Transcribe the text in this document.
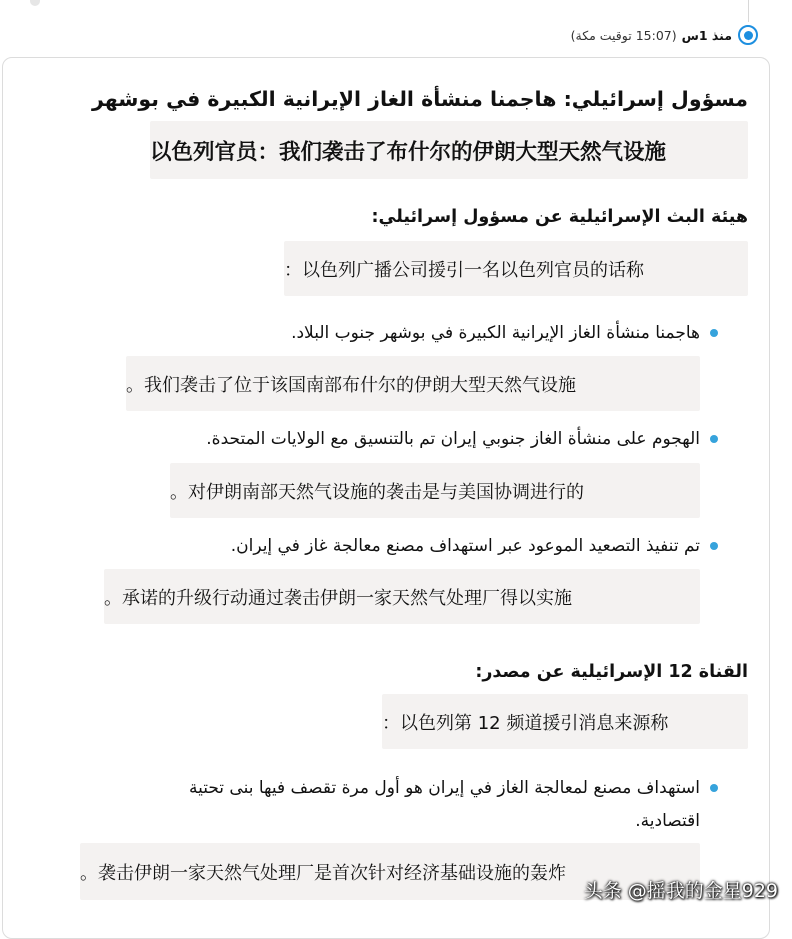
منذ 1س
(15:07 توقيت مكة)
مسؤول إسرائيلي: هاجمنا منشأة الغاز الإيرانية الكبيرة في بوشهر
以色列官员：我们袭击了布什尔的伊朗大型天然气设施
هيئة البث الإسرائيلية عن مسؤول إسرائيلي:
以色列广播公司援引一名以色列官员的话称：
هاجمنا منشأة الغاز الإيرانية الكبيرة في بوشهر جنوب البلاد.
我们袭击了位于该国南部布什尔的伊朗大型天然气设施。
الهجوم على منشأة الغاز جنوبي إيران تم بالتنسيق مع الولايات المتحدة.
对伊朗南部天然气设施的袭击是与美国协调进行的。
تم تنفيذ التصعيد الموعود عبر استهداف مصنع معالجة غاز في إيران.
承诺的升级行动通过袭击伊朗一家天然气处理厂得以实施。
القناة 12 الإسرائيلية عن مصدر:
以色列第 12 频道援引消息来源称：
استهداف مصنع لمعالجة الغاز في إيران هو أول مرة تقصف فيها بنى تحتية
اقتصادية.
袭击伊朗一家天然气处理厂是首次针对经济基础设施的轰炸。
头条 @摇我的金星929
